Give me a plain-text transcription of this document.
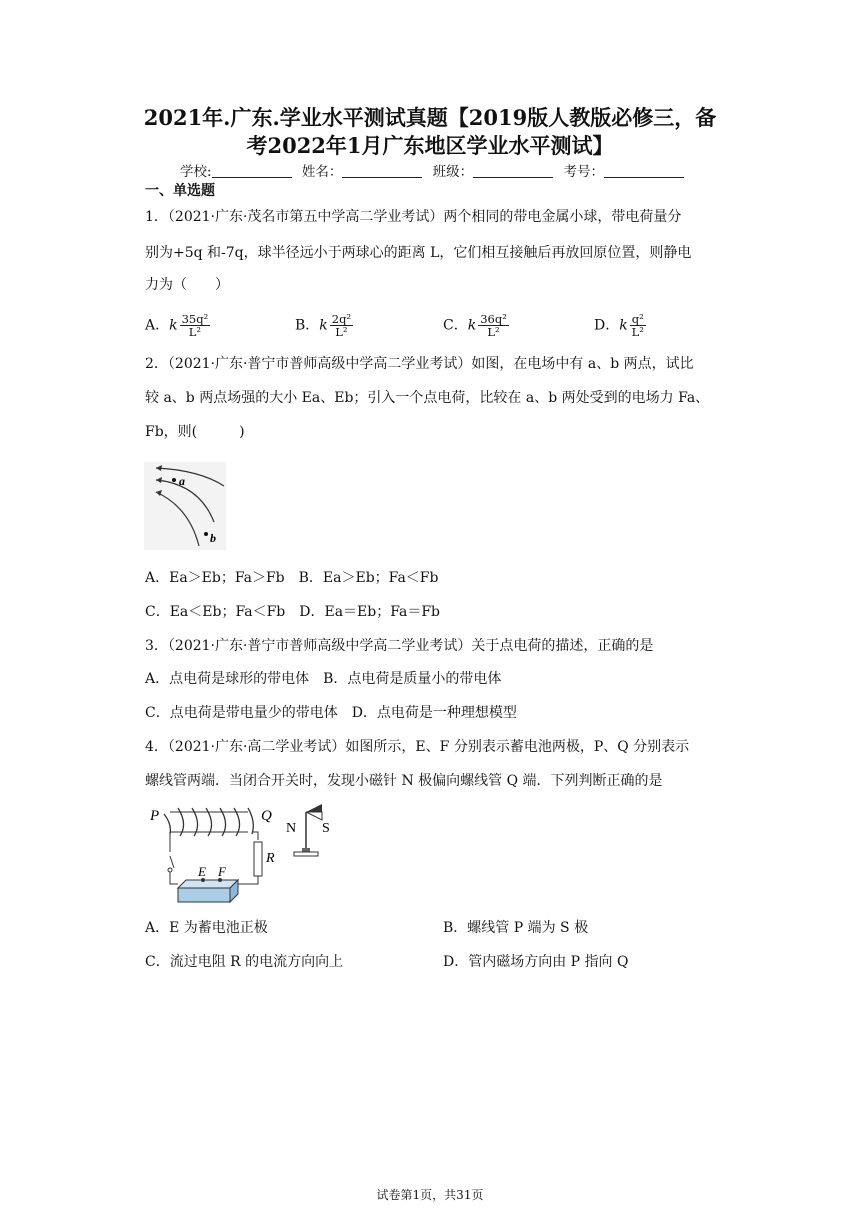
2021年.广东.学业水平测试真题【2019版人教版必修三，备
考2022年1月广东地区学业水平测试】
学校:	姓名：	班级：	考号：
一、单选题
1．（2021·广东·茂名市第五中学高二学业考试）两个相同的带电金属小球，带电荷量分
别为+5q 和-7q，球半径远小于两球心的距离 L，它们相互接触后再放回原位置，则静电
力为（　　）
A．k $\frac{\text{35q²}}{\text{L²}}$	B．k $\frac{\text{2q²}}{\text{L²}}$	C．k $\frac{\text{36q²}}{\text{L²}}$	D．k $\frac{\text{q²}}{\text{L²}}$
2．（2021·广东·普宁市普师高级中学高二学业考试）如图，在电场中有 a、b 两点，试比
较 a、b 两点场强的大小 Ea、Eb；引入一个点电荷，比较在 a、b 两处受到的电场力 Fa、
Fb，则(　　　)
a
b
A．Ea＞Eb；Fa＞Fb　B．Ea＞Eb；Fa＜Fb
C．Ea＜Eb；Fa＜Fb　D．Ea＝Eb；Fa＝Fb
3．（2021·广东·普宁市普师高级中学高二学业考试）关于点电荷的描述，正确的是
A．点电荷是球形的带电体　B．点电荷是质量小的带电体
C．点电荷是带电量少的带电体　D．点电荷是一种理想模型
4．（2021·广东·高二学业考试）如图所示，E、F 分别表示蓄电池两极，P、Q 分别表示
螺线管两端．当闭合开关时，发现小磁针 N 极偏向螺线管 Q 端．下列判断正确的是
P	Q
R
E F
N S
A．E 为蓄电池正极	B．螺线管 P 端为 S 极
C．流过电阻 R 的电流方向向上	D．管内磁场方向由 P 指向 Q
试卷第1页，共31页
